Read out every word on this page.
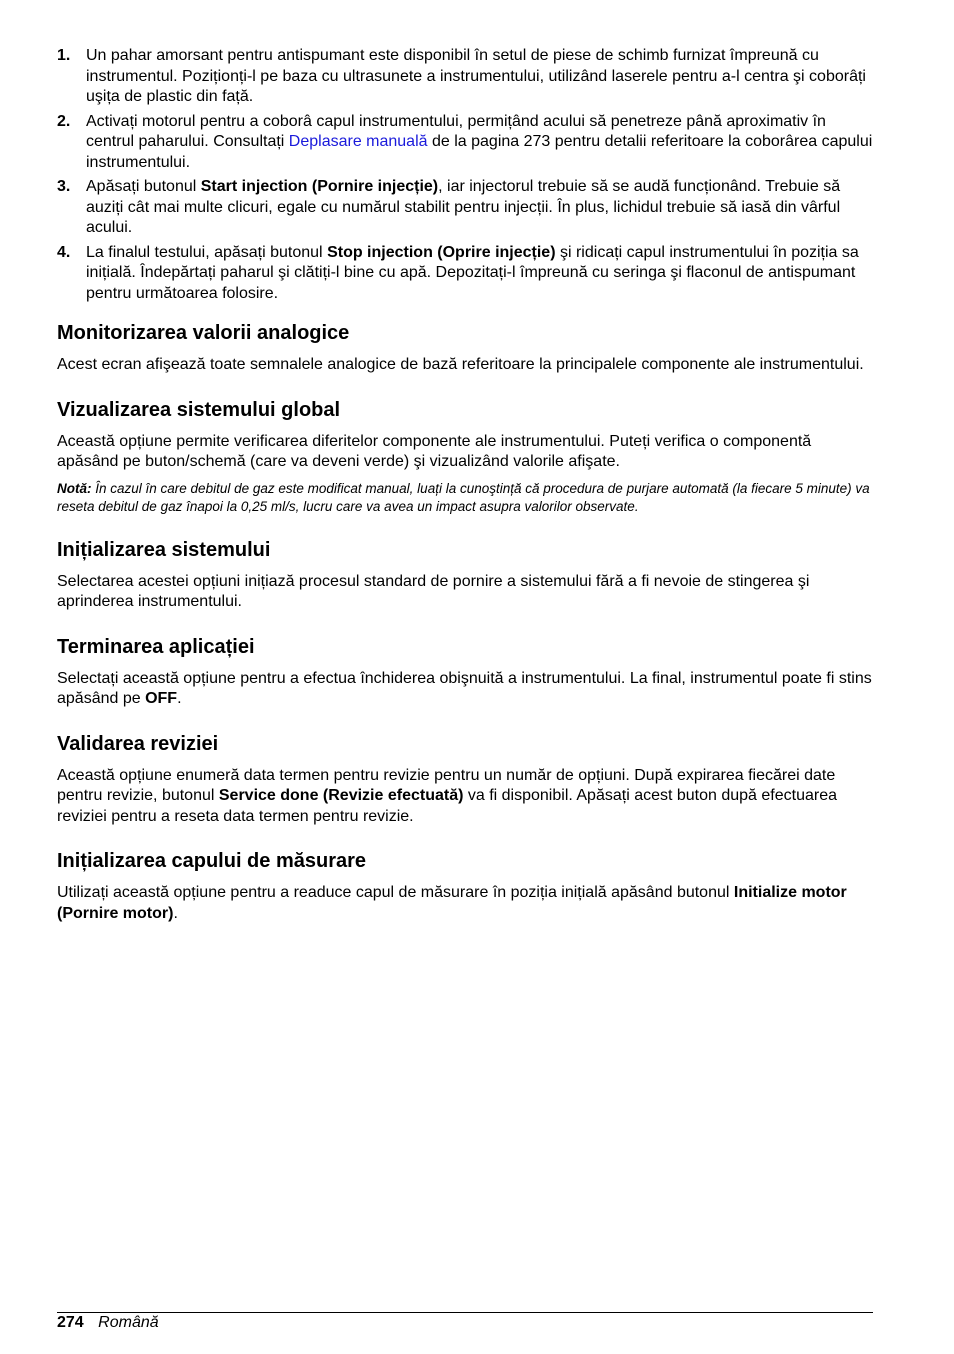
1. Un pahar amorsant pentru antispumant este disponibil în setul de piese de schimb furnizat împreună cu instrumentul. Poziționți-l pe baza cu ultrasunete a instrumentului, utilizând laserele pentru a-l centra şi coborâți uşița de plastic din față.
2. Activați motorul pentru a coborâ capul instrumentului, permițând acului să penetreze până aproximativ în centrul paharului. Consultați Deplasare manuală de la pagina 273 pentru detalii referitoare la coborârea capului instrumentului.
3. Apăsați butonul Start injection (Pornire injecție), iar injectorul trebuie să se audă funcționând. Trebuie să auziți cât mai multe clicuri, egale cu numărul stabilit pentru injecții. În plus, lichidul trebuie să iasă din vârful acului.
4. La finalul testului, apăsați butonul Stop injection (Oprire injecție) şi ridicați capul instrumentului în poziția sa inițială. Îndepărtați paharul şi clătiți-l bine cu apă. Depozitați-l împreună cu seringa şi flaconul de antispumant pentru următoarea folosire.
Monitorizarea valorii analogice

Acest ecran afişează toate semnalele analogice de bază referitoare la principalele componente ale instrumentului.

Vizualizarea sistemului global

Această opțiune permite verificarea diferitelor componente ale instrumentului. Puteți verifica o componentă apăsând pe buton/schemă (care va deveni verde) şi vizualizând valorile afişate.

Notă: În cazul în care debitul de gaz este modificat manual, luați la cunoştință că procedura de purjare automată (la fiecare 5 minute) va reseta debitul de gaz înapoi la 0,25 ml/s, lucru care va avea un impact asupra valorilor observate.

Inițializarea sistemului

Selectarea acestei opțiuni inițiază procesul standard de pornire a sistemului fără a fi nevoie de stingerea şi aprinderea instrumentului.

Terminarea aplicației

Selectați această opțiune pentru a efectua închiderea obişnuită a instrumentului. La final, instrumentul poate fi stins apăsând pe OFF.

Validarea reviziei

Această opțiune enumeră data termen pentru revizie pentru un număr de opțiuni. După expirarea fiecărei date pentru revizie, butonul Service done (Revizie efectuată) va fi disponibil. Apăsați acest buton după efectuarea reviziei pentru a reseta data termen pentru revizie.

Inițializarea capului de măsurare

Utilizați această opțiune pentru a readuce capul de măsurare în poziția inițială apăsând butonul Initialize motor (Pornire motor).

274 Română
